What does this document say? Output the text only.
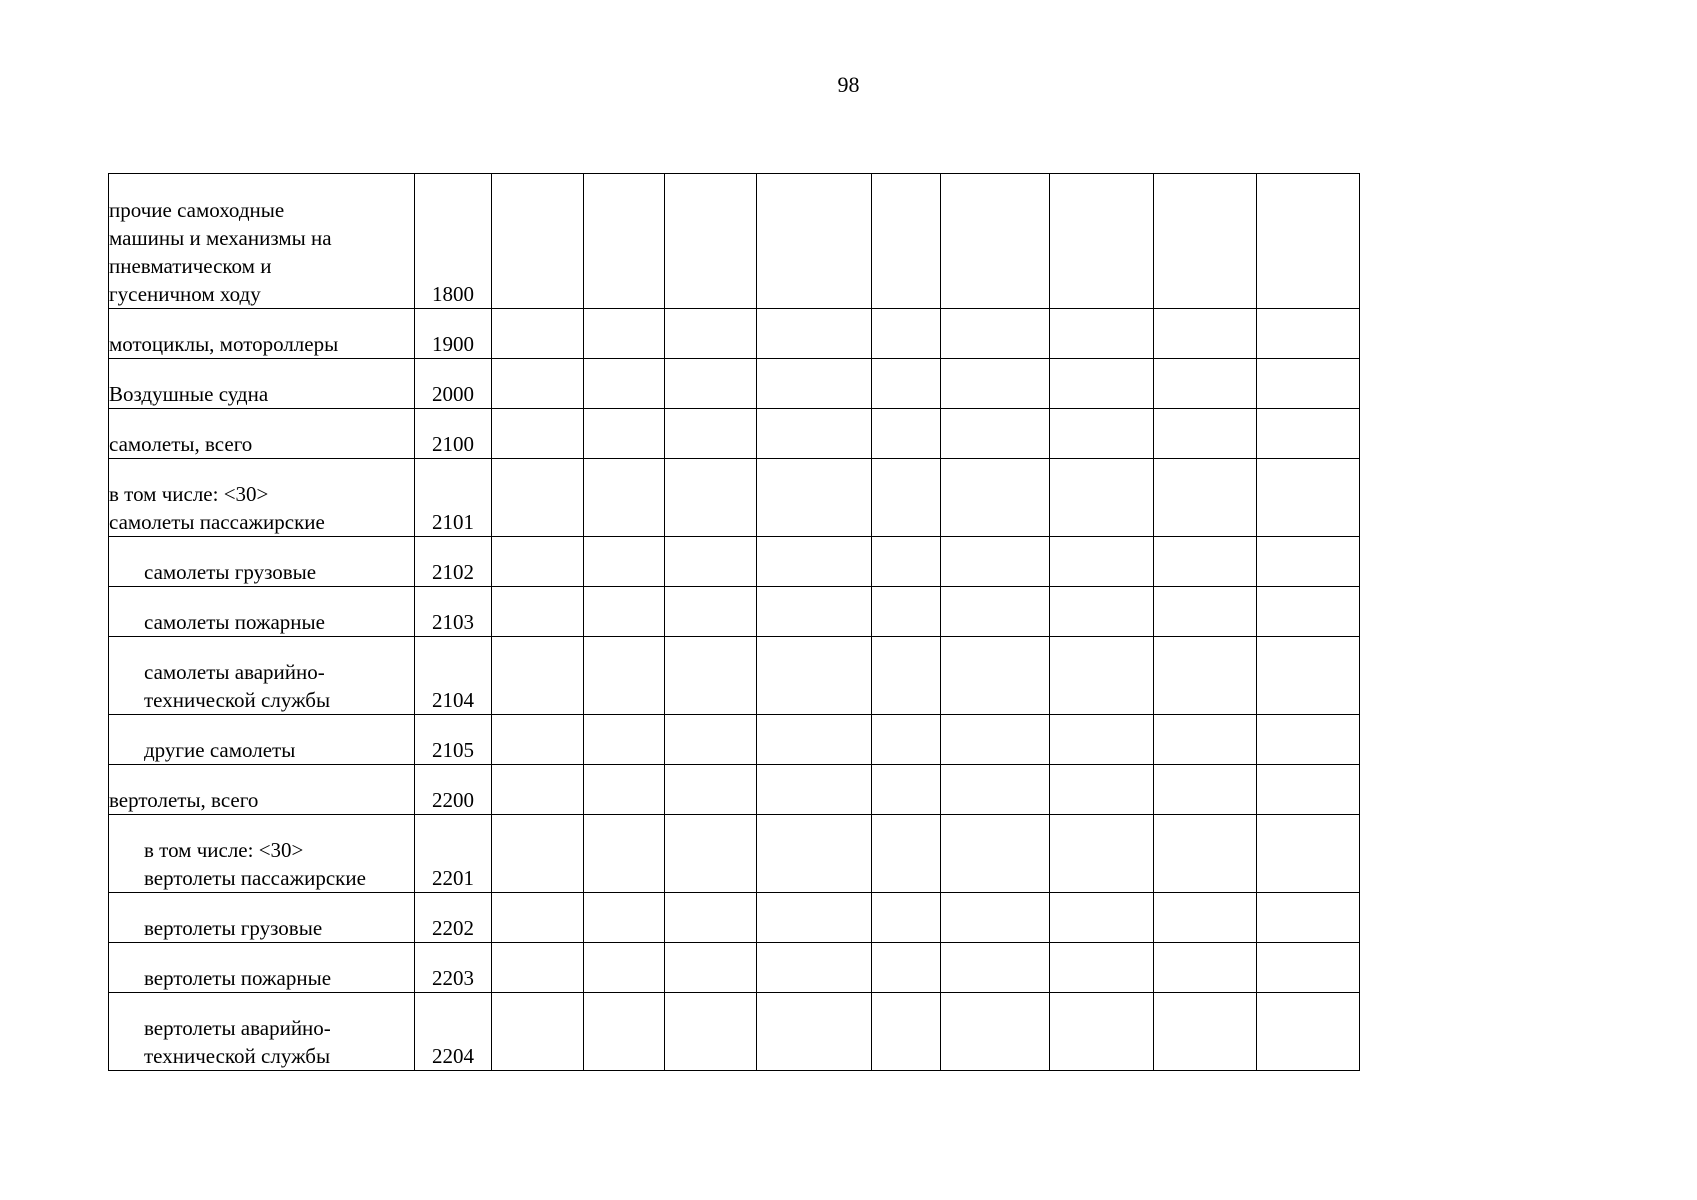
98
прочие самоходные
машины и механизмы на
пневматическом и
гусеничном ходу	1800									
мотоциклы, мотороллеры	1900									
Воздушные судна	2000									
самолеты, всего	2100									
в том числе: <30>
самолеты пассажирские	2101									
самолеты грузовые	2102									
самолеты пожарные	2103									
самолеты аварийно-
технической службы	2104									
другие самолеты	2105									
вертолеты, всего	2200									
в том числе: <30>
вертолеты пассажирские	2201									
вертолеты грузовые	2202									
вертолеты пожарные	2203									
вертолеты аварийно-
технической службы	2204									
